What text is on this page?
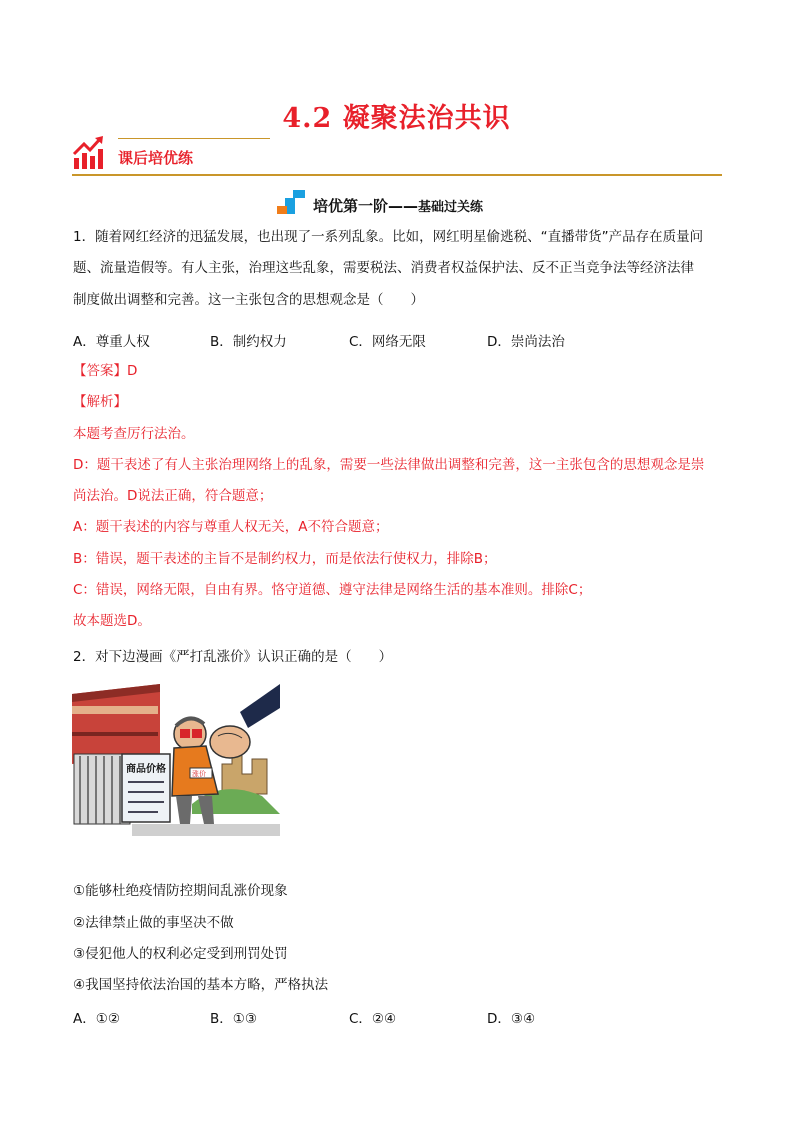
4.2 凝聚法治共识
课后培优练
培优第一阶——基础过关练
1．随着网红经济的迅猛发展，也出现了一系列乱象。比如，网红明星偷逃税、“直播带货”产品存在质量问
题、流量造假等。有人主张，治理这些乱象，需要税法、消费者权益保护法、反不正当竞争法等经济法律
制度做出调整和完善。这一主张包含的思想观念是（　　）
A．尊重人权	B．制约权力	C．网络无限	D．崇尚法治
【答案】D
【解析】
本题考查厉行法治。
D：题干表述了有人主张治理网络上的乱象，需要一些法律做出调整和完善，这一主张包含的思想观念是崇
尚法治。D说法正确，符合题意；
A：题干表述的内容与尊重人权无关，A不符合题意；
B：错误，题干表述的主旨不是制约权力，而是依法行使权力，排除B；
C：错误，网络无限，自由有界。恪守道德、遵守法律是网络生活的基本准则。排除C；
故本题选D。
2．对下边漫画《严打乱涨价》认识正确的是（　　）
商品价格	涨价
①能够杜绝疫情防控期间乱涨价现象
②法律禁止做的事坚决不做
③侵犯他人的权利必定受到刑罚处罚
④我国坚持依法治国的基本方略，严格执法
A．①②	B．①③	C．②④	D．③④
